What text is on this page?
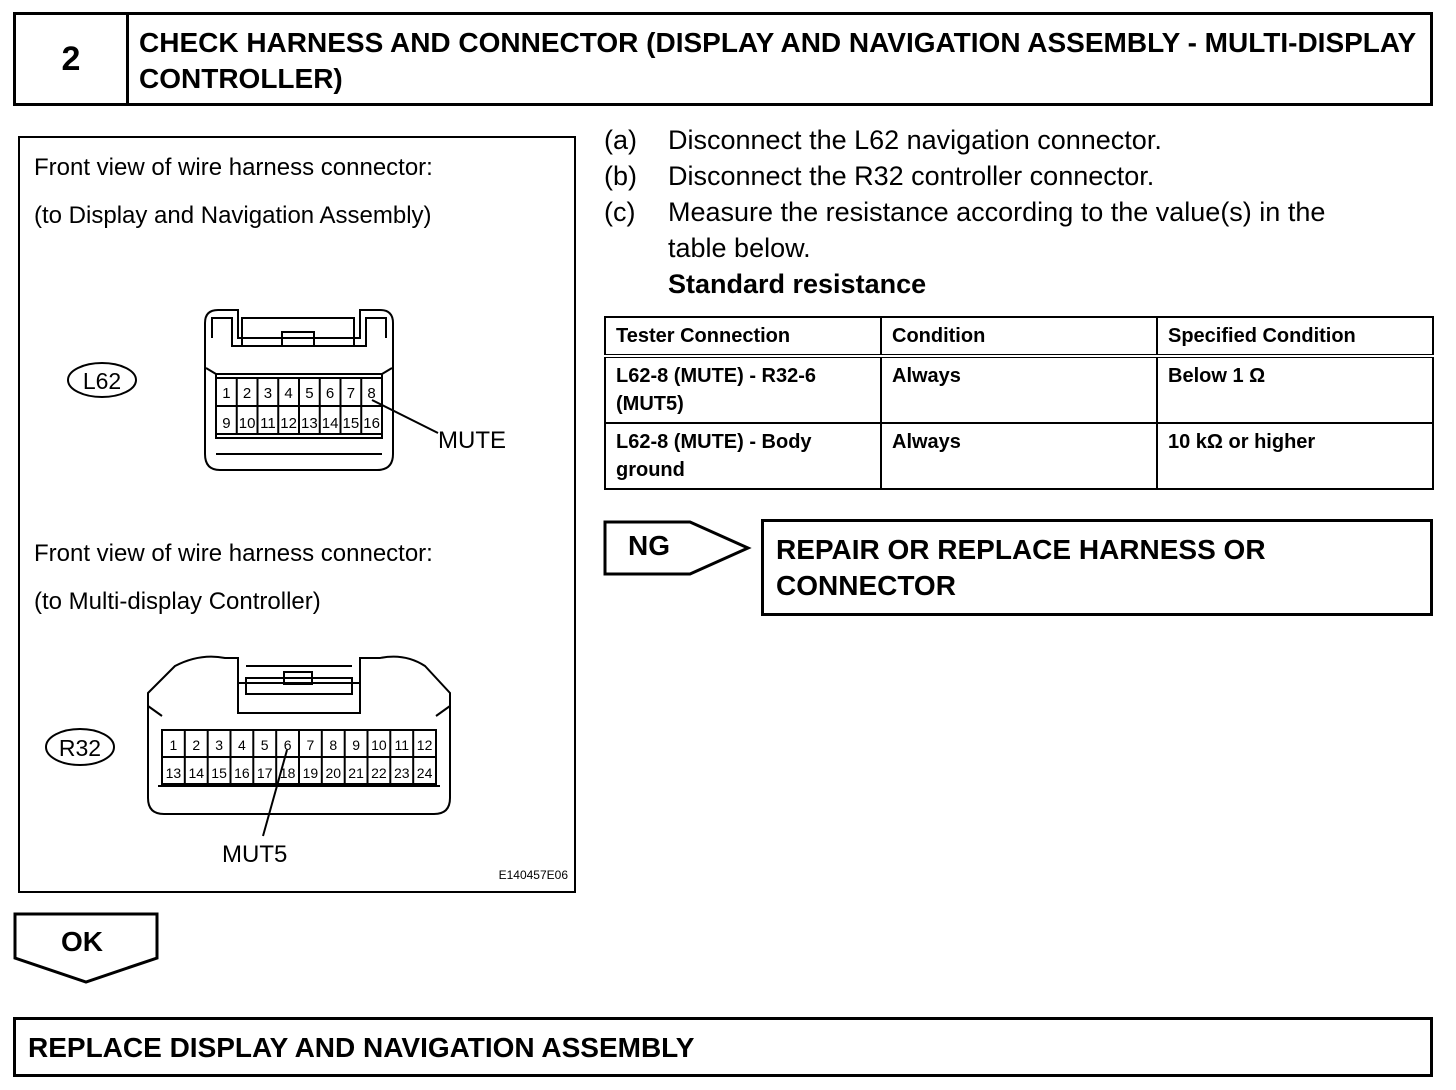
2	CHECK HARNESS AND CONNECTOR (DISPLAY AND NAVIGATION ASSEMBLY - MULTI-DISPLAY CONTROLLER)
Front view of wire harness connector:
(to Display and Navigation Assembly)
Front view of wire harness connector:
(to Multi-display Controller)
L62
R32
MUTE
MUT5
E140457E06
1 2 3 4 5 6 7 8
9 10 11 12 13 14 15 16
1 2 3 4 5 6 7 8 9 10 11 12
13 14 15 16 17 18 19 20 21 22 23 24
(a) Disconnect the L62 navigation connector.
(b) Disconnect the R32 controller connector.
(c) Measure the resistance according to the value(s) in the
table below.
Standard resistance
Tester Connection	Condition	Specified Condition
L62-8 (MUTE) - R32-6 (MUT5)	Always	Below 1 Ω
L62-8 (MUTE) - Body ground	Always	10 kΩ or higher
NG	REPAIR OR REPLACE HARNESS OR CONNECTOR
OK
REPLACE DISPLAY AND NAVIGATION ASSEMBLY
